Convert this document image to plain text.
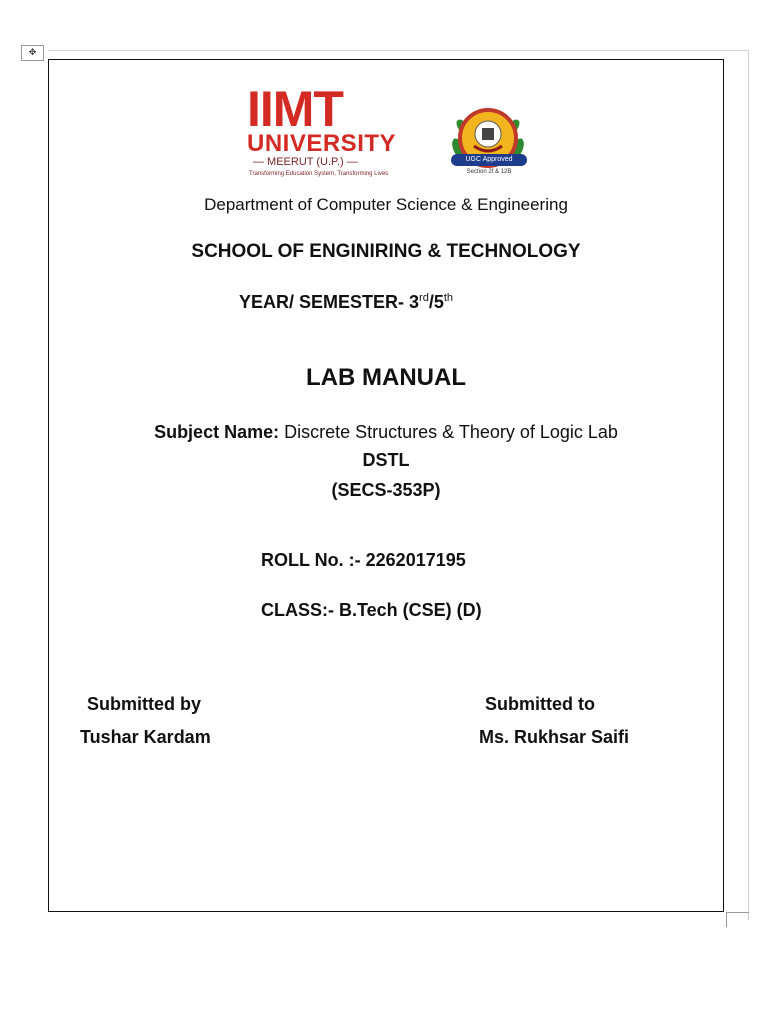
✥
IIMT
UNIVERSITY
— MEERUT (U.P.) —
Transforming Education System, Transforming Lives
UGC Approved
Section 2f & 12B
Department of Computer Science & Engineering
SCHOOL OF ENGINIRING & TECHNOLOGY
YEAR/ SEMESTER- 3rd/5th
LAB MANUAL
Subject Name: Discrete Structures & Theory of Logic Lab
DSTL
(SECS-353P)
ROLL No. :- 2262017195
CLASS:- B.Tech (CSE) (D)
Submitted by
Tushar Kardam
Submitted to
Ms. Rukhsar Saifi
